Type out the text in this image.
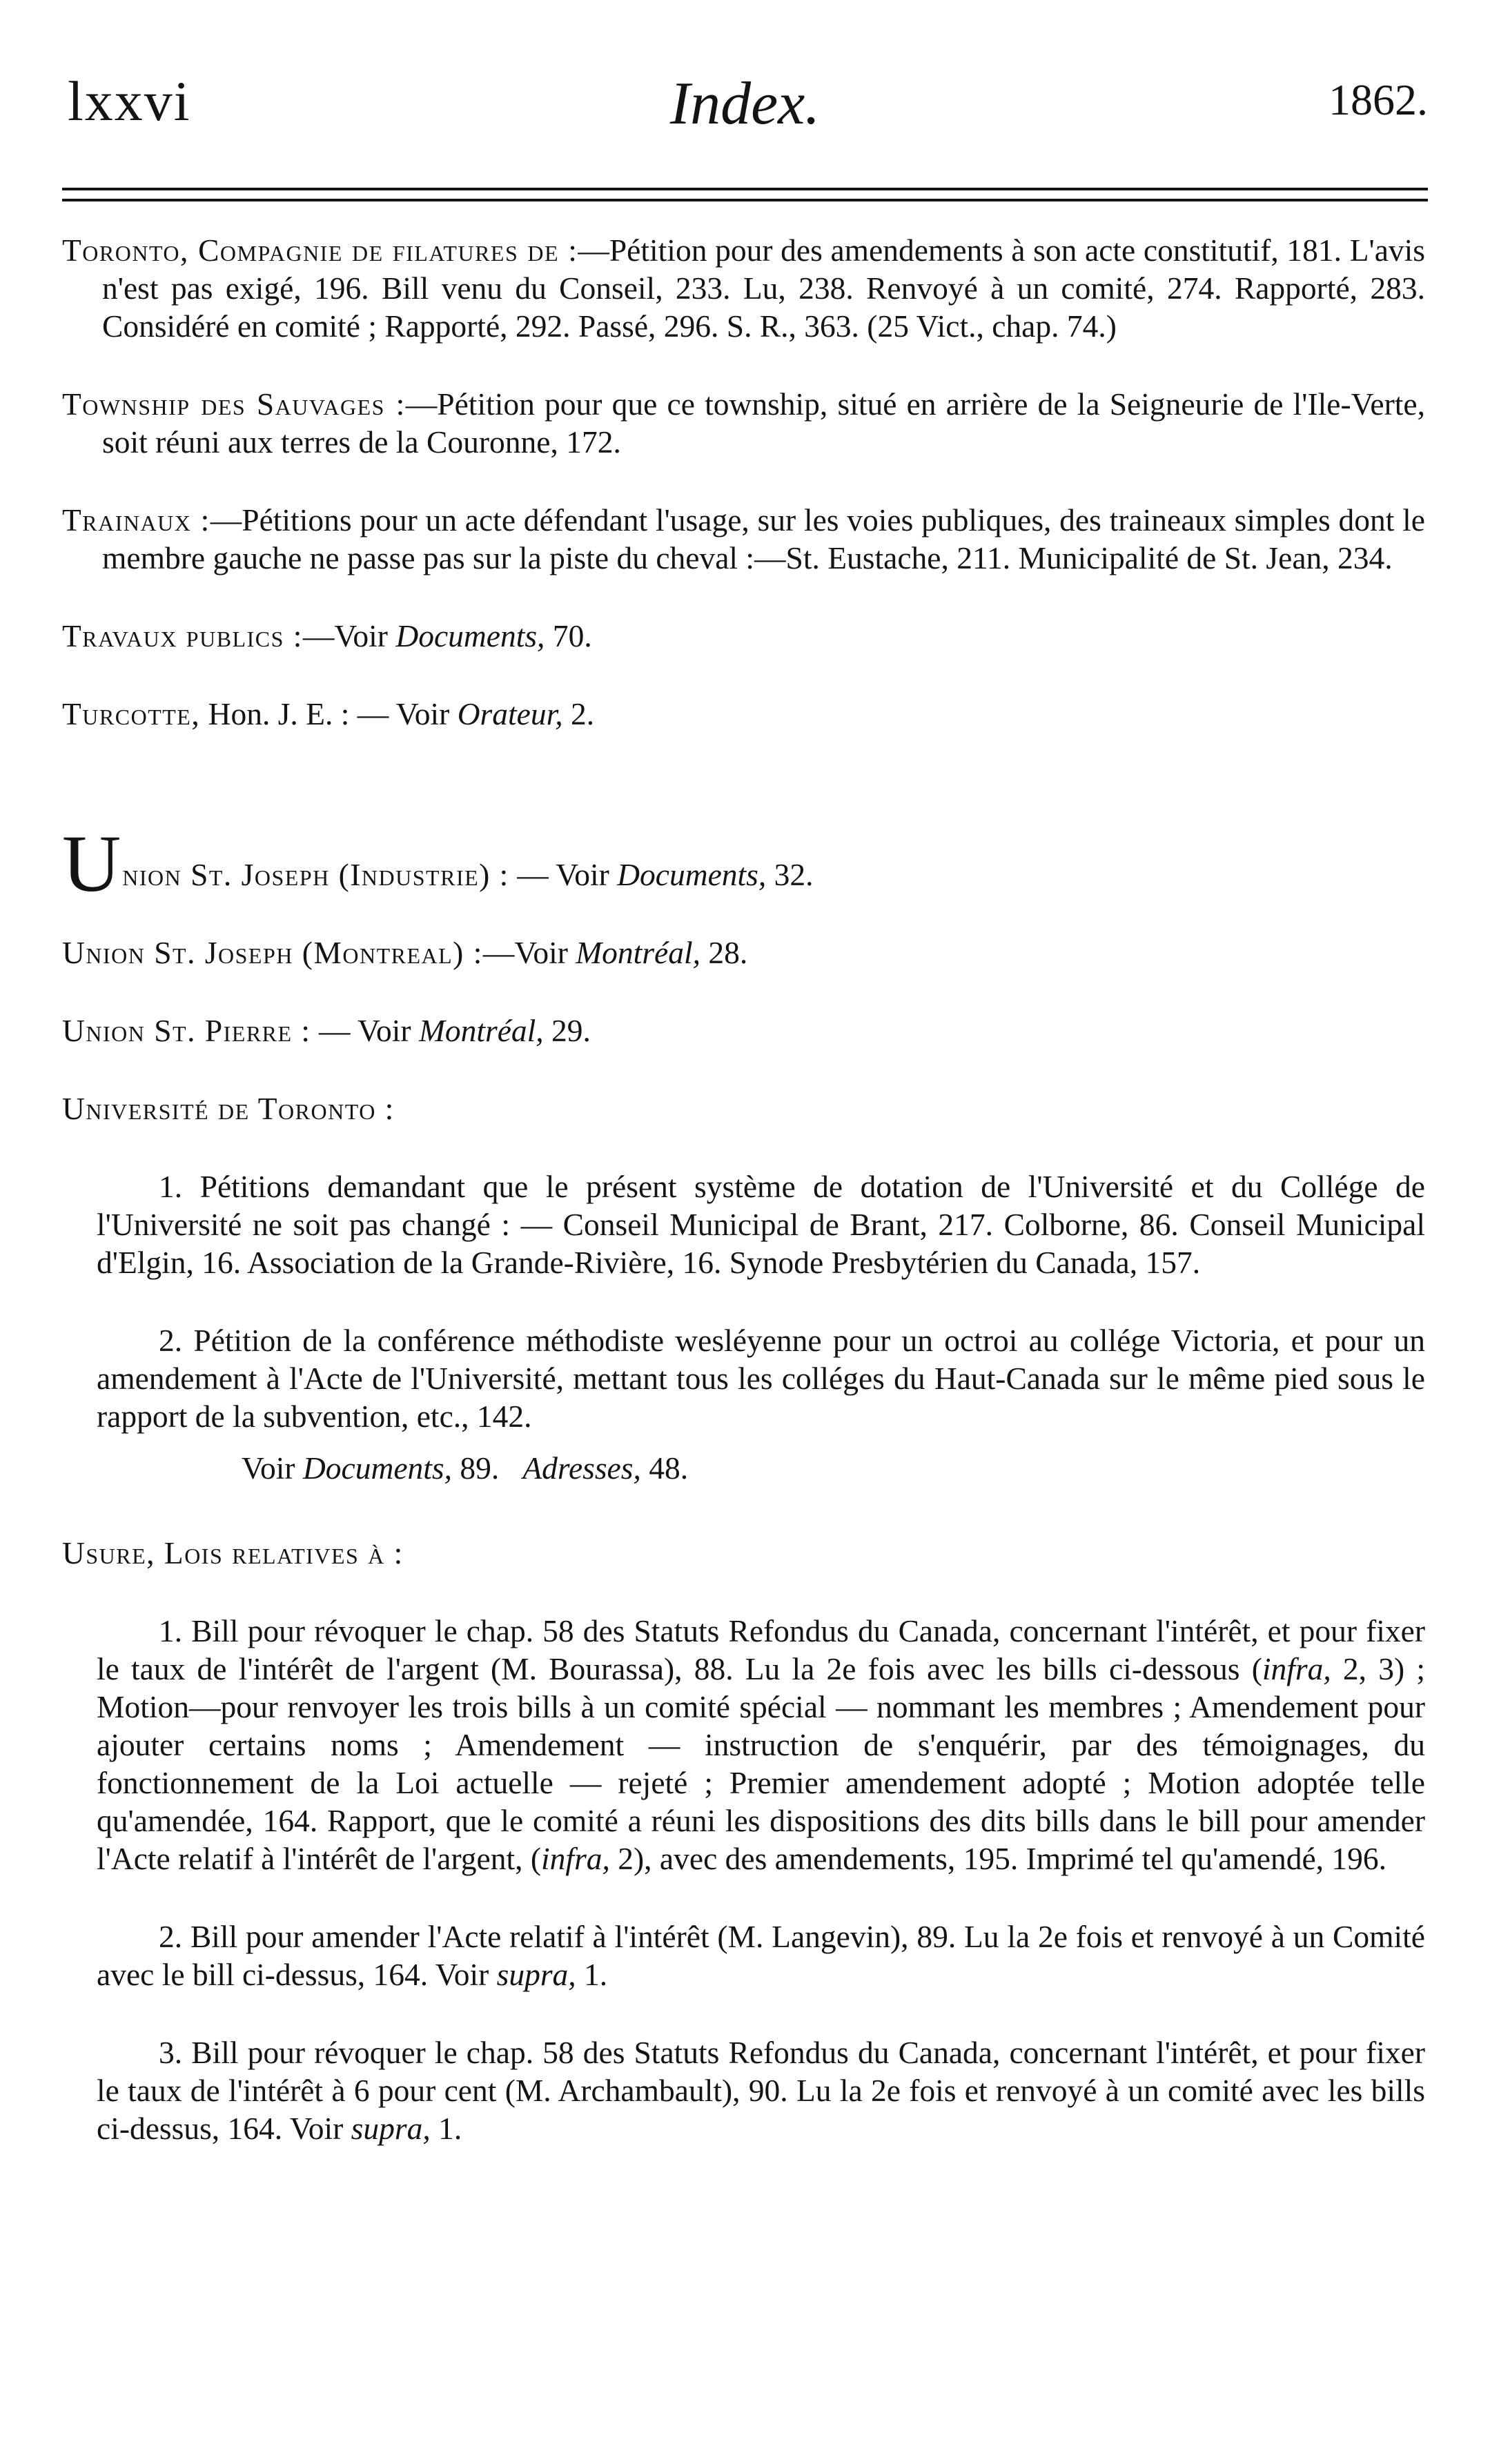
lxxvi	Index.	1862.
Toronto, Compagnie de filatures de :—Pétition pour des amendements à son acte constitutif, 181. L'avis n'est pas exigé, 196. Bill venu du Conseil, 233. Lu, 238. Renvoyé à un comité, 274. Rapporté, 283. Considéré en comité ; Rapporté, 292. Passé, 296. S. R., 363. (25 Vict., chap. 74.)
Township des Sauvages :—Pétition pour que ce township, situé en arrière de la Seigneurie de l'Ile-Verte, soit réuni aux terres de la Couronne, 172.
Trainaux :—Pétitions pour un acte défendant l'usage, sur les voies publiques, des traineaux simples dont le membre gauche ne passe pas sur la piste du cheval :—St. Eustache, 211. Municipalité de St. Jean, 234.
Travaux publics :—Voir Documents, 70.
Turcotte, Hon. J. E. : — Voir Orateur, 2.
Union St. Joseph (Industrie) : — Voir Documents, 32.
Union St. Joseph (Montreal) :—Voir Montréal, 28.
Union St. Pierre : — Voir Montréal, 29.
Université de Toronto :
1. Pétitions demandant que le présent système de dotation de l'Université et du Collége de l'Université ne soit pas changé : — Conseil Municipal de Brant, 217. Colborne, 86. Conseil Municipal d'Elgin, 16. Association de la Grande-Rivière, 16. Synode Presbytérien du Canada, 157.
2. Pétition de la conférence méthodiste wesléyenne pour un octroi au collége Victoria, et pour un amendement à l'Acte de l'Université, mettant tous les colléges du Haut-Canada sur le même pied sous le rapport de la subvention, etc., 142.
Voir Documents, 89.   Adresses, 48.
Usure, Lois relatives à :
1. Bill pour révoquer le chap. 58 des Statuts Refondus du Canada, concernant l'intérêt, et pour fixer le taux de l'intérêt de l'argent (M. Bourassa), 88. Lu la 2e fois avec les bills ci-dessous (infra, 2, 3) ; Motion—pour renvoyer les trois bills à un comité spécial — nommant les membres ; Amendement pour ajouter certains noms ; Amendement — instruction de s'enquérir, par des témoignages, du fonctionnement de la Loi actuelle — rejeté ; Premier amendement adopté ; Motion adoptée telle qu'amendée, 164. Rapport, que le comité a réuni les dispositions des dits bills dans le bill pour amender l'Acte relatif à l'intérêt de l'argent, (infra, 2), avec des amendements, 195. Imprimé tel qu'amendé, 196.
2. Bill pour amender l'Acte relatif à l'intérêt (M. Langevin), 89. Lu la 2e fois et renvoyé à un Comité avec le bill ci-dessus, 164. Voir supra, 1.
3. Bill pour révoquer le chap. 58 des Statuts Refondus du Canada, concernant l'intérêt, et pour fixer le taux de l'intérêt à 6 pour cent (M. Archambault), 90. Lu la 2e fois et renvoyé à un comité avec les bills ci-dessus, 164. Voir supra, 1.
